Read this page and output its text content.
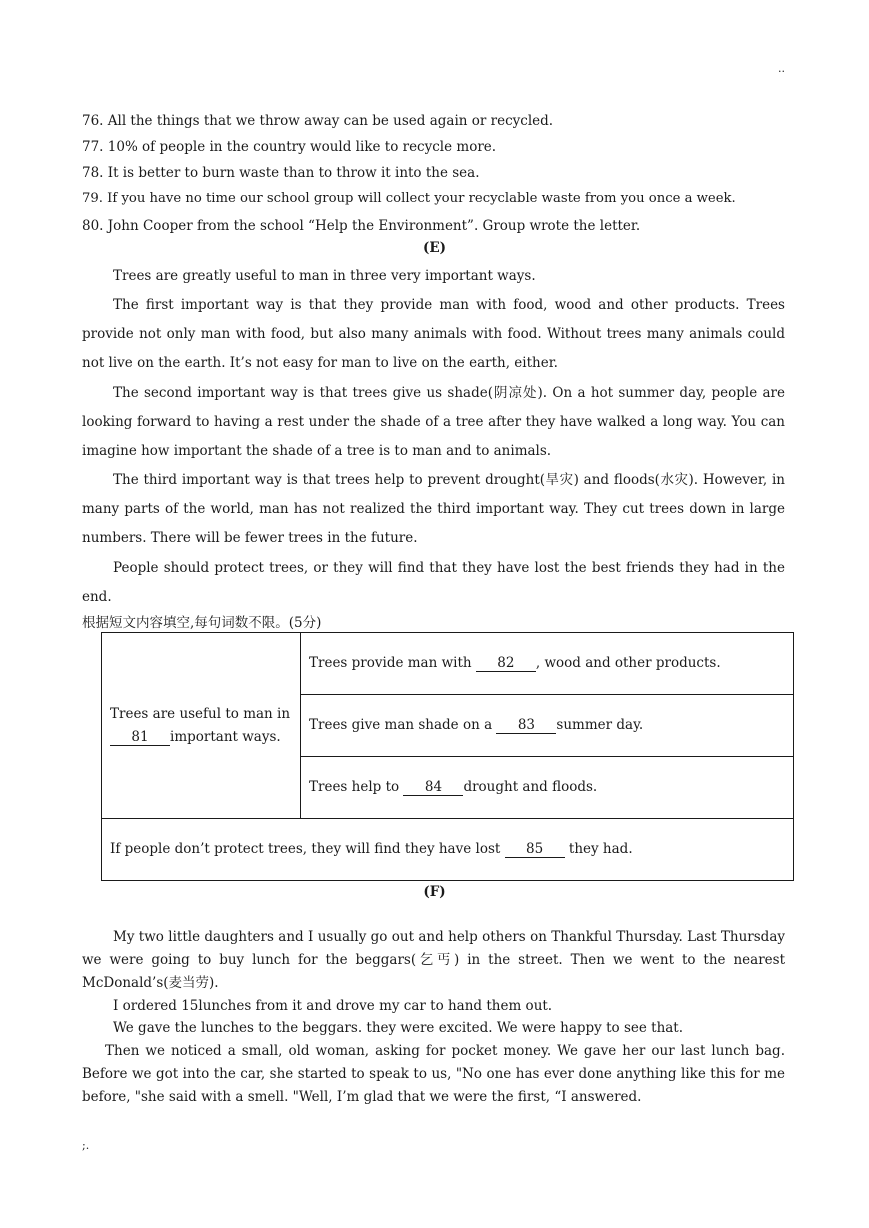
..
76. All the things that we throw away can be used again or recycled.
77. 10% of people in the country would like to recycle more.
78. It is better to burn waste than to throw it into the sea.
79. If you have no time our school group will collect your recyclable waste from you once a week.
80. John Cooper from the school “Help the Environment”. Group wrote the letter.
(E)
Trees are greatly useful to man in three very important ways.
The first important way is that they provide man with food, wood and other products. Trees provide not only man with food, but also many animals with food. Without trees many animals could not live on the earth. It’s not easy for man to live on the earth, either.
The second important way is that trees give us shade(阴凉处). On a hot summer day, people are looking forward to having a rest under the shade of a tree after they have walked a long way. You can imagine how important the shade of a tree is to man and to animals.
The third important way is that trees help to prevent drought(旱灾) and floods(水灾). However, in many parts of the world, man has not realized the third important way. They cut trees down in large numbers. There will be fewer trees in the future.
People should protect trees, or they will find that they have lost the best friends they had in the end.
根据短文内容填空,每句词数不限。(5分)
Trees are useful to man in
81 important ways.	Trees provide man with 82 , wood and other products.
Trees give man shade on a 83 summer day.
Trees help to 84 drought and floods.
If people don’t protect trees, they will find they have lost 85 they had.
(F)
My two little daughters and I usually go out and help others on Thankful Thursday. Last Thursday we were going to buy lunch for the beggars(乞丐) in the street. Then we went to the nearest McDonald’s(麦当劳).
I ordered 15lunches from it and drove my car to hand them out.
We gave the lunches to the beggars. they were excited. We were happy to see that.
Then we noticed a small, old woman, asking for pocket money. We gave her our last lunch bag. Before we got into the car, she started to speak to us, "No one has ever done anything like this for me before, "she said with a smell. "Well, I’m glad that we were the first, “I answered.
;.
